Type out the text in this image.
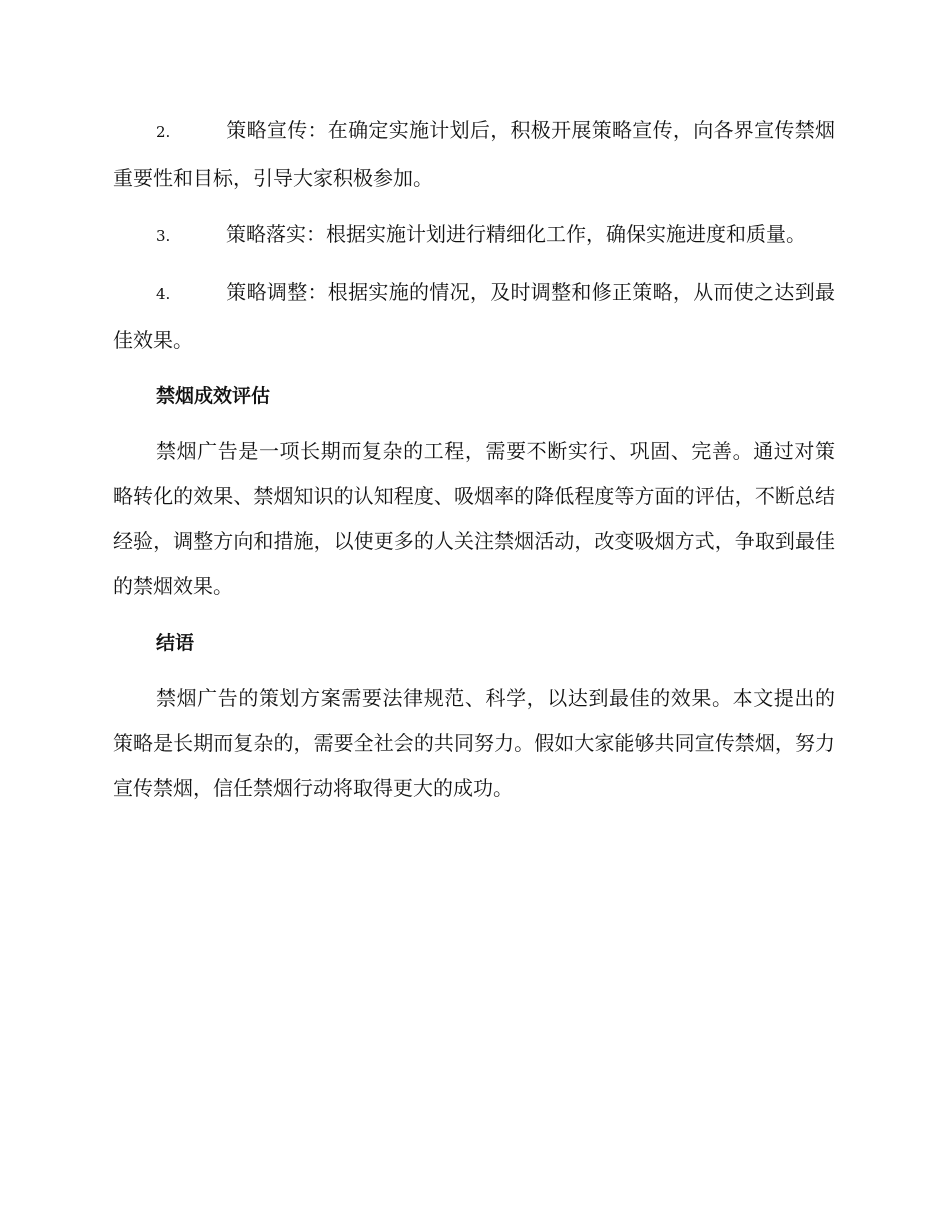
2.	策略宣传：在确定实施计划后，积极开展策略宣传，向各界宣传禁烟重要性和目标，引导大家积极参加。
3.	策略落实：根据实施计划进行精细化工作，确保实施进度和质量。
4.	策略调整：根据实施的情况，及时调整和修正策略，从而使之达到最佳效果。
禁烟成效评估

禁烟广告是一项长期而复杂的工程，需要不断实行、巩固、完善。通过对策略转化的效果、禁烟知识的认知程度、吸烟率的降低程度等方面的评估，不断总结经验，调整方向和措施，以使更多的人关注禁烟活动，改变吸烟方式，争取到最佳的禁烟效果。

结语

禁烟广告的策划方案需要法律规范、科学，以达到最佳的效果。本文提出的策略是长期而复杂的，需要全社会的共同努力。假如大家能够共同宣传禁烟，努力宣传禁烟，信任禁烟行动将取得更大的成功。
